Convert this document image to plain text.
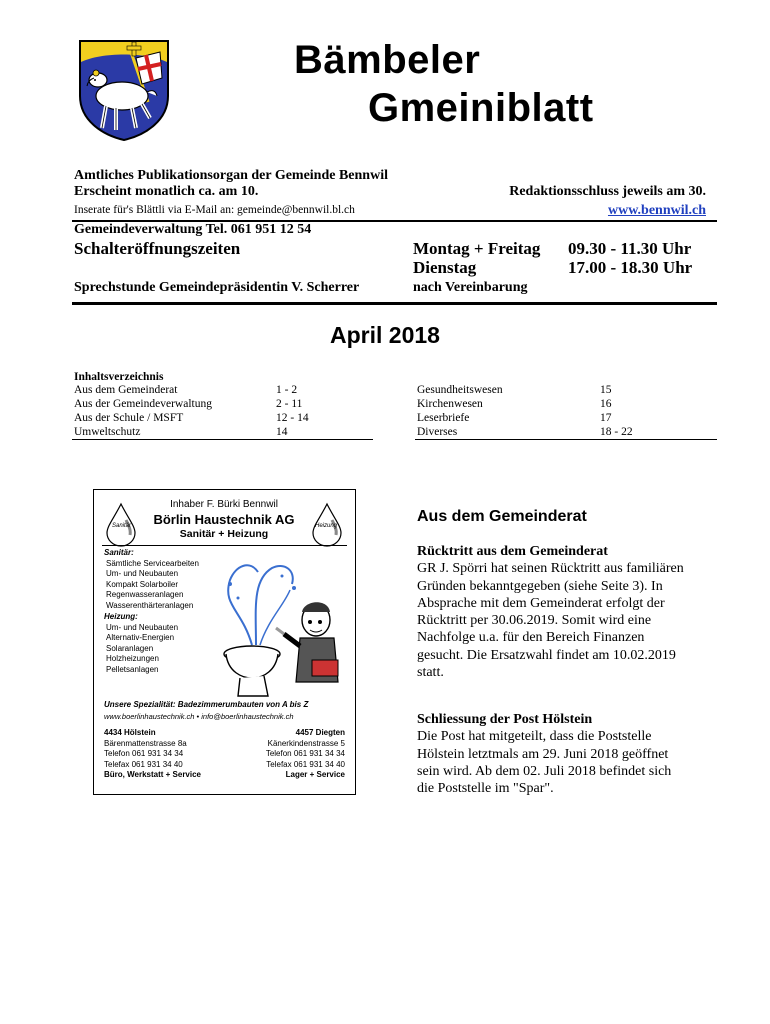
Bämbeler
Gmeiniblatt
Amtliches Publikationsorgan der Gemeinde Bennwil
Erscheint monatlich ca. am 10.	Redaktionsschluss jeweils am 30.
Inserate für's Blättli via E-Mail an: gemeinde@bennwil.bl.ch	www.bennwil.ch
Gemeindeverwaltung Tel. 061 951 12 54
Schalteröffnungszeiten	Montag + Freitag 09.30 - 11.30 Uhr
Dienstag	17.00 - 18.30 Uhr
Sprechstunde Gemeindepräsidentin V. Scherrer	nach Vereinbarung
April 2018
Inhaltsverzeichnis
Aus dem Gemeinderat	1 - 2
Aus der Gemeindeverwaltung	2 - 11
Aus der Schule / MSFT	12 - 14
Umweltschutz	14
Gesundheitswesen	15
Kirchenwesen	16
Leserbriefe	17
Diverses	18 - 22
Inhaber F. Bürki Bennwil
Börlin Haustechnik AG
Sanitär + Heizung
Sanitär	Heizung
Sanitär:
Sämtliche Servicearbeiten
Um- und Neubauten
Kompakt Solarboiler
Regenwasseranlagen
Wasserenthärteranlagen
Heizung:
Um- und Neubauten
Alternativ-Energien
Solaranlagen
Holzheizungen
Pelletsanlagen
Unsere Spezialität: Badezimmerumbauten von A bis Z
www.boerlinhaustechnik.ch • info@boerlinhaustechnik.ch
4434 Hölstein
Bärenmattenstrasse 8a
Telefon 061 931 34 34
Telefax 061 931 34 40
Büro, Werkstatt + Service
4457 Diegten
Känerkindenstrasse 5
Telefon 061 931 34 34
Telefax 061 931 34 40
Lager + Service
Aus dem Gemeinderat
Rücktritt aus dem Gemeinderat
GR J. Spörri hat seinen Rücktritt aus familiären
Gründen bekanntgegeben (siehe Seite 3). In
Absprache mit dem Gemeinderat erfolgt der
Rücktritt per 30.06.2019. Somit wird eine
Nachfolge u.a. für den Bereich Finanzen
gesucht. Die Ersatzwahl findet am 10.02.2019
statt.
Schliessung der Post Hölstein
Die Post hat mitgeteilt, dass die Poststelle
Hölstein letztmals am 29. Juni 2018 geöffnet
sein wird. Ab dem 02. Juli 2018 befindet sich
die Poststelle im "Spar".
